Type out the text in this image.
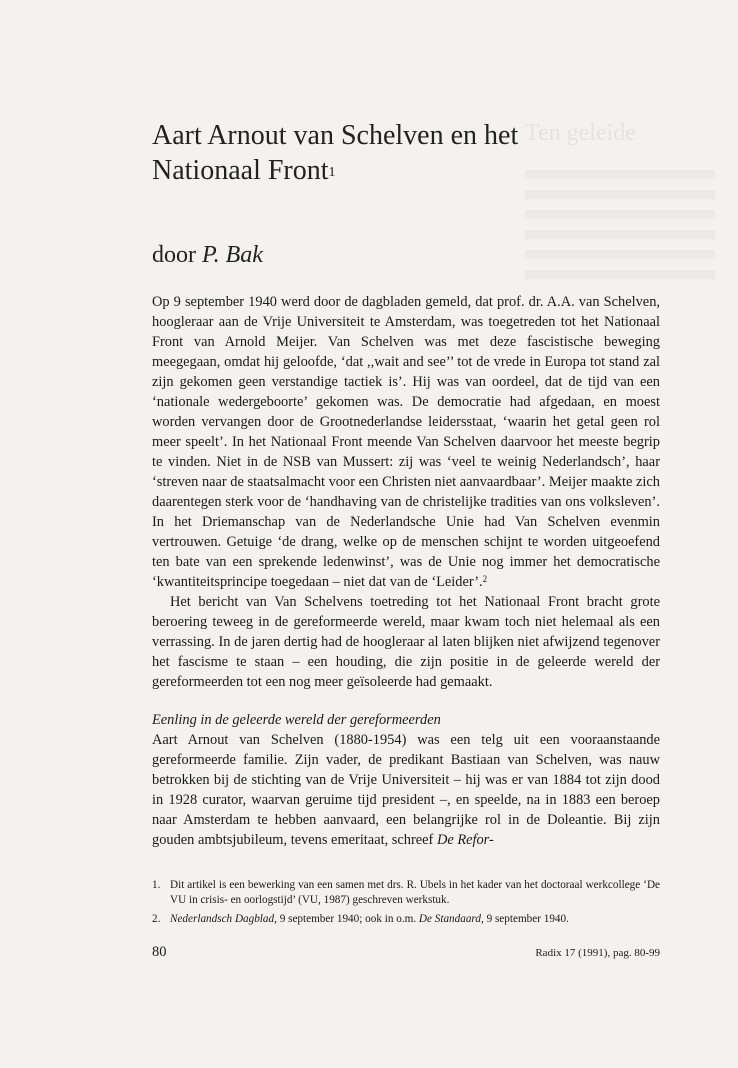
Ten geleide
Aart Arnout van Schelven en het
Nationaal Front$^1$
door P. Bak

Op 9 september 1940 werd door de dagbladen gemeld, dat prof. dr. A.A. van Schelven, hoogleraar aan de Vrije Universiteit te Amsterdam, was toegetreden tot het Nationaal Front van Arnold Meijer. Van Schelven was met deze fascistische beweging meegegaan, omdat hij geloofde, ‘dat ,,wait and see’’ tot de vrede in Europa tot stand zal zijn gekomen geen verstandige tactiek is’. Hij was van oordeel, dat de tijd van een ‘nationale wedergeboorte’ gekomen was. De democratie had afgedaan, en moest worden vervangen door de Grootnederlandse leidersstaat, ‘waarin het getal geen rol meer speelt’. In het Nationaal Front meende Van Schelven daarvoor het meeste begrip te vinden. Niet in de NSB van Mussert: zij was ‘veel te weinig Nederlandsch’, haar ‘streven naar de staatsalmacht voor een Christen niet aanvaardbaar’. Meijer maakte zich daarentegen sterk voor de ‘handhaving van de christelijke tradities van ons volksleven’. In het Driemanschap van de Nederlandsche Unie had Van Schelven evenmin vertrouwen. Getuige ‘de drang, welke op de menschen schijnt te worden uitgeoefend ten bate van een sprekende ledenwinst’, was de Unie nog immer het democratische ‘kwantiteitsprincipe toegedaan – niet dat van de ‘Leider’.$^2$

Het bericht van Van Schelvens toetreding tot het Nationaal Front bracht grote beroering teweeg in de gereformeerde wereld, maar kwam toch niet helemaal als een verrassing. In de jaren dertig had de hoogleraar al laten blijken niet afwijzend tegenover het fascisme te staan – een houding, die zijn positie in de geleerde wereld der gereformeerden tot een nog meer geïsoleerde had gemaakt.

Eenling in de geleerde wereld der gereformeerden

Aart Arnout van Schelven (1880-1954) was een telg uit een vooraanstaande gereformeerde familie. Zijn vader, de predikant Bastiaan van Schelven, was nauw betrokken bij de stichting van de Vrije Universiteit – hij was er van 1884 tot zijn dood in 1928 curator, waarvan geruime tijd president –, en speelde, na in 1883 een beroep naar Amsterdam te hebben aanvaard, een belangrijke rol in de Doleantie. Bij zijn gouden ambtsjubileum, tevens emeritaat, schreef De Refor-

1. Dit artikel is een bewerking van een samen met drs. R. Ubels in het kader van het doctoraal werkcollege ‘De VU in crisis- en oorlogstijd’ (VU, 1987) geschreven werkstuk.
2. Nederlandsch Dagblad, 9 september 1940; ook in o.m. De Standaard, 9 september 1940.
80	Radix 17 (1991), pag. 80-99
